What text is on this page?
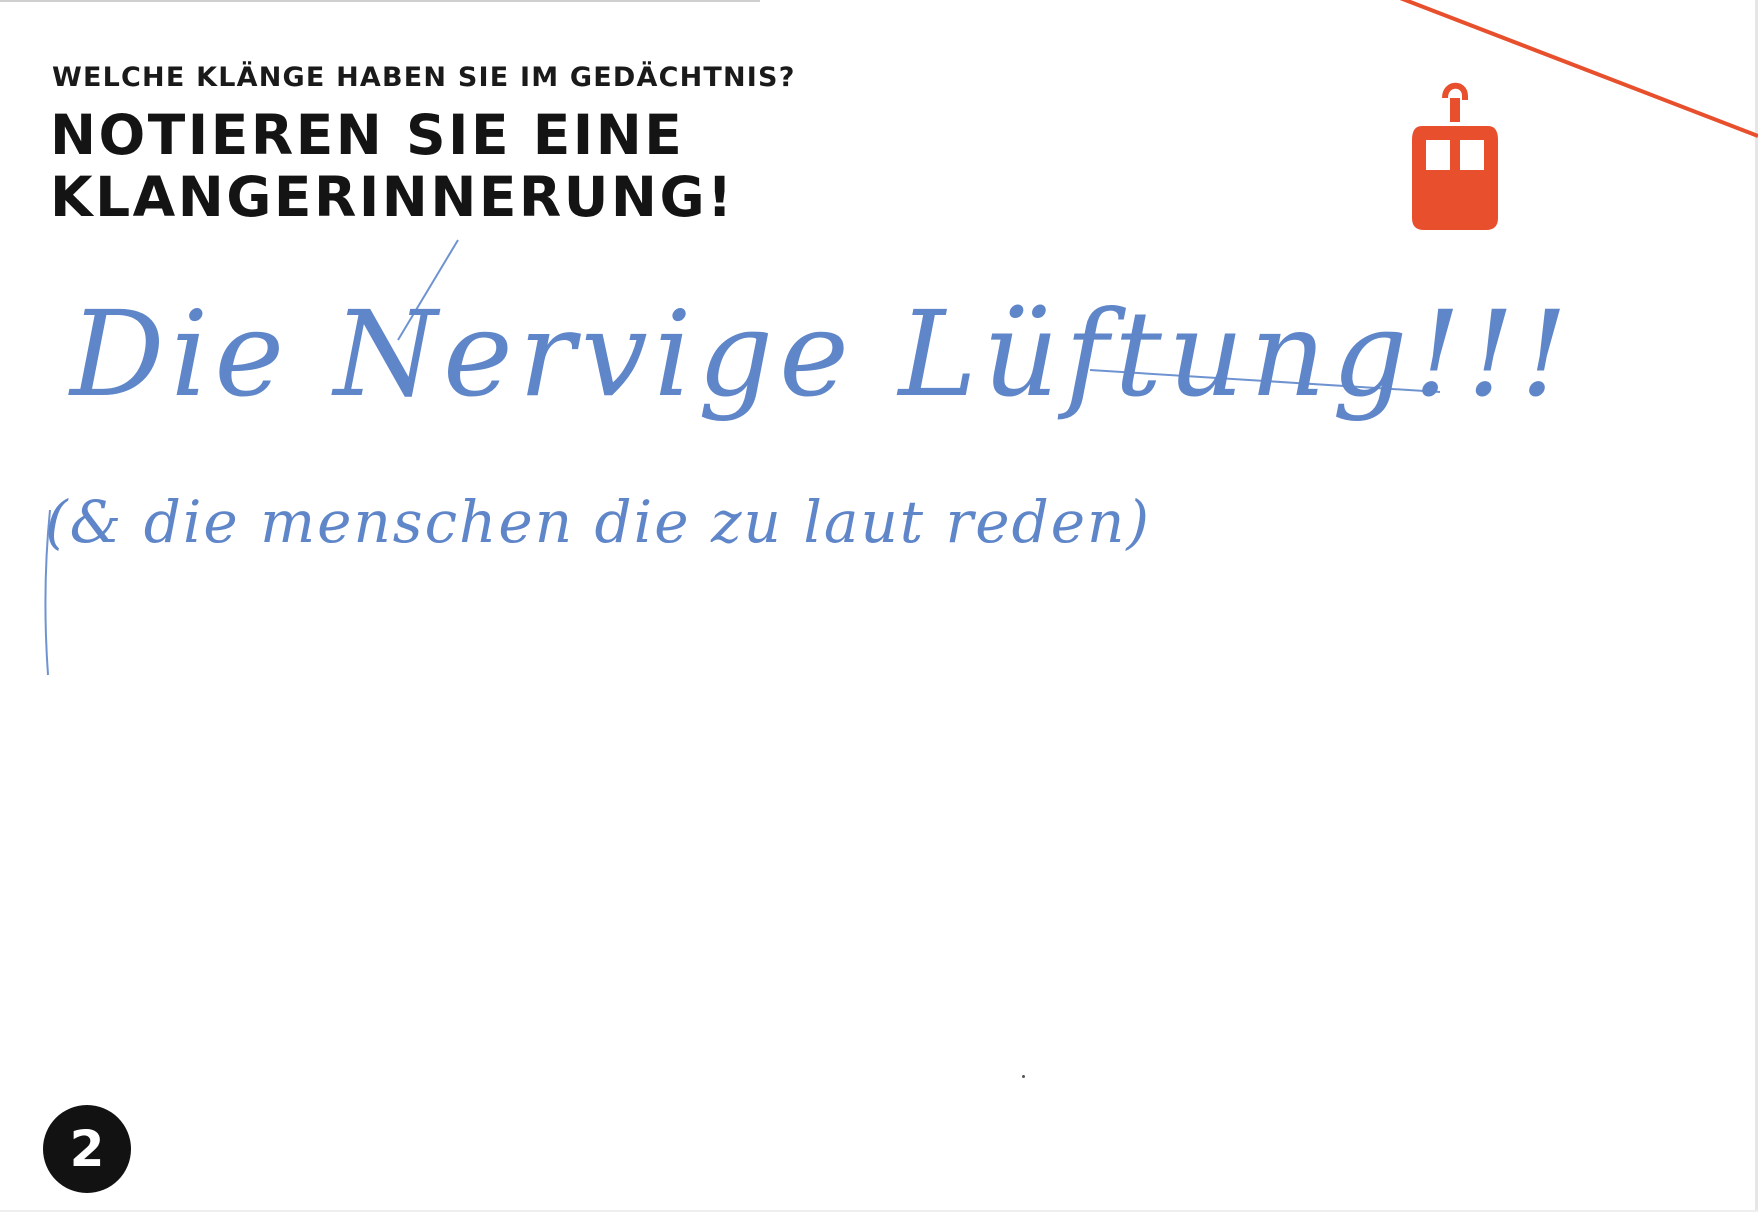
WELCHE KLÄNGE HABEN SIE IM GEDÄCHTNIS?
NOTIEREN SIE EINE
KLANGERINNERUNG!
Die Nervige Lüftung!!!
(& die menschen die zu laut reden)
2
